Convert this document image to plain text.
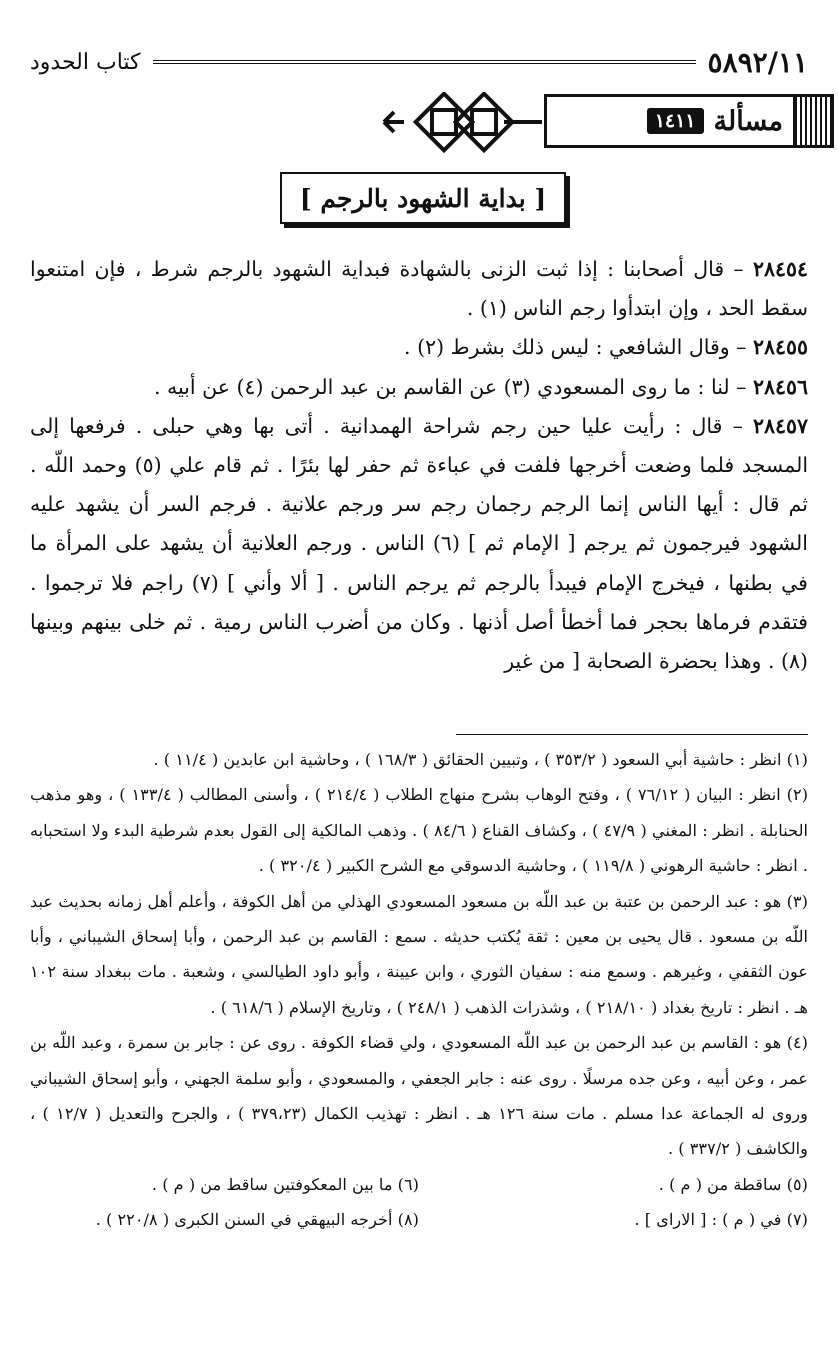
٥٨٩٢/١١
كتاب الحدود
مسألة
١٤١١
[ بداية الشهود بالرجم ]

٢٨٤٥٤ – قال أصحابنا : إذا ثبت الزنى بالشهادة فبداية الشهود بالرجم شرط ، فإن امتنعوا سقط الحد ، وإن ابتدأوا رجم الناس (١) .

٢٨٤٥٥ – وقال الشافعي : ليس ذلك بشرط (٢) .

٢٨٤٥٦ – لنا : ما روى المسعودي (٣) عن القاسم بن عبد الرحمن (٤) عن أبيه .

٢٨٤٥٧ – قال : رأيت عليا حين رجم شراحة الهمدانية . أتى بها وهي حبلى . فرفعها إلى المسجد فلما وضعت أخرجها فلفت في عباءة ثم حفر لها بئرًا . ثم قام علي (٥) وحمد اللّه . ثم قال : أيها الناس إنما الرجم رجمان رجم سر ورجم علانية . فرجم السر أن يشهد عليه الشهود فيرجمون ثم يرجم [ الإمام ثم ] (٦) الناس . ورجم العلانية أن يشهد على المرأة ما في بطنها ، فيخرج الإمام فيبدأ بالرجم ثم يرجم الناس . [ ألا وأني ] (٧) راجم فلا ترجموا . فتقدم فرماها بحجر فما أخطأ أصل أذنها . وكان من أضرب الناس رمية . ثم خلى بينهم وبينها (٨) . وهذا بحضرة الصحابة [ من غير

(١) انظر : حاشية أبي السعود ( ٣٥٣/٢ ) ، وتبيين الحقائق ( ١٦٨/٣ ) ، وحاشية ابن عابدين ( ١١/٤ ) .

(٢) انظر : البيان ( ٧٦/١٢ ) ، وفتح الوهاب بشرح منهاج الطلاب ( ٢١٤/٤ ) ، وأسنى المطالب ( ١٣٣/٤ ) ، وهو مذهب الحنابلة . انظر : المغني ( ٤٧/٩ ) ، وكشاف القناع ( ٨٤/٦ ) . وذهب المالكية إلى القول بعدم شرطية البدء ولا استحبابه . انظر : حاشية الرهوني ( ١١٩/٨ ) ، وحاشية الدسوقي مع الشرح الكبير ( ٣٢٠/٤ ) .

(٣) هو : عبد الرحمن بن عتبة بن عبد اللّه بن مسعود المسعودي الهذلي من أهل الكوفة ، وأعلم أهل زمانه بحديث عبد اللّه بن مسعود . قال يحيى بن معين : ثقة يُكتب حديثه . سمع : القاسم بن عبد الرحمن ، وأبا إسحاق الشيباني ، وأبا عون الثقفي ، وغيرهم . وسمع منه : سفيان الثوري ، وابن عيينة ، وأبو داود الطيالسي ، وشعبة . مات ببغداد سنة ١٠٢ هـ . انظر : تاريخ بغداد ( ٢١٨/١٠ ) ، وشذرات الذهب ( ٢٤٨/١ ) ، وتاريخ الإسلام ( ٦١٨/٦ ) .

(٤) هو : القاسم بن عبد الرحمن بن عبد اللّه المسعودي ، ولي قضاء الكوفة . روى عن : جابر بن سمرة ، وعبد اللّه بن عمر ، وعن أبيه ، وعن جده مرسلًا . روى عنه : جابر الجعفي ، والمسعودي ، وأبو سلمة الجهني ، وأبو إسحاق الشيباني وروى له الجماعة عدا مسلم . مات سنة ١٢٦ هـ . انظر : تهذيب الكمال (٣٧٩،٢٣ ) ، والجرح والتعديل ( ١٢/٧ ) ، والكاشف ( ٣٣٧/٢ ) .

(٥) ساقطة من ( م ) .
(٦) ما بين المعكوفتين ساقط من ( م ) .
(٧) في ( م ) : [ الاراى ] .
(٨) أخرجه البيهقي في السنن الكبرى ( ٢٢٠/٨ ) .
